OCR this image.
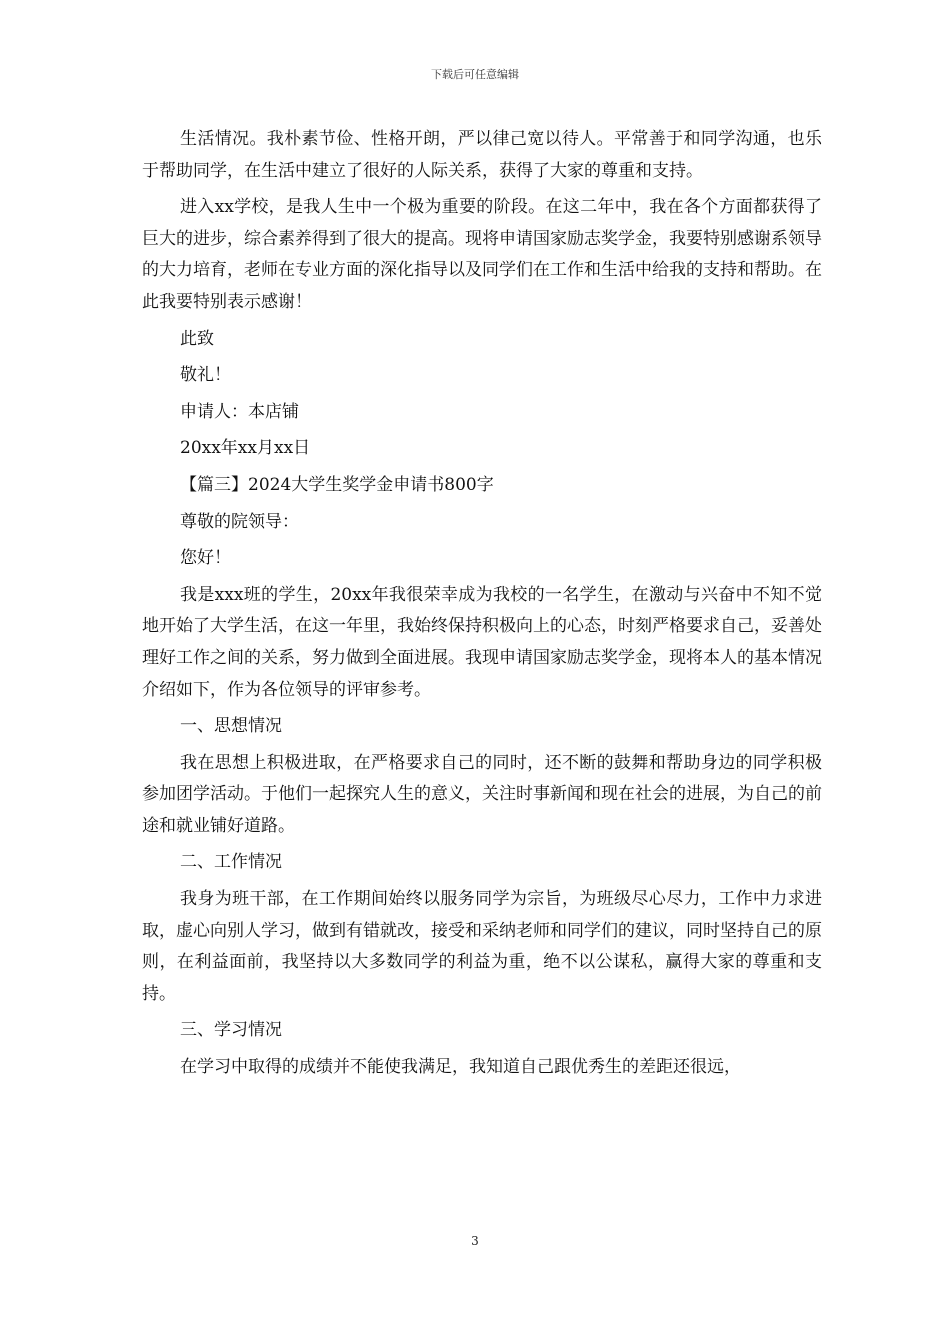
下载后可任意编辑

生活情况。我朴素节俭、性格开朗，严以律己宽以待人。平常善于和同学沟通，也乐于帮助同学，在生活中建立了很好的人际关系，获得了大家的尊重和支持。

进入xx学校，是我人生中一个极为重要的阶段。在这二年中，我在各个方面都获得了巨大的进步，综合素养得到了很大的提高。现将申请国家励志奖学金，我要特别感谢系领导的大力培育，老师在专业方面的深化指导以及同学们在工作和生活中给我的支持和帮助。在此我要特别表示感谢！

此致

敬礼！

申请人：本店铺

20xx年xx月xx日

【篇三】2024大学生奖学金申请书800字

尊敬的院领导：

您好！

我是xxx班的学生，20xx年我很荣幸成为我校的一名学生，在激动与兴奋中不知不觉地开始了大学生活，在这一年里，我始终保持积极向上的心态，时刻严格要求自己，妥善处理好工作之间的关系，努力做到全面进展。我现申请国家励志奖学金，现将本人的基本情况介绍如下，作为各位领导的评审参考。

一、思想情况

我在思想上积极进取，在严格要求自己的同时，还不断的鼓舞和帮助身边的同学积极参加团学活动。于他们一起探究人生的意义，关注时事新闻和现在社会的进展，为自己的前途和就业铺好道路。

二、工作情况

我身为班干部，在工作期间始终以服务同学为宗旨，为班级尽心尽力，工作中力求进取，虚心向别人学习，做到有错就改，接受和采纳老师和同学们的建议，同时坚持自己的原则，在利益面前，我坚持以大多数同学的利益为重，绝不以公谋私，赢得大家的尊重和支持。

三、学习情况

在学习中取得的成绩并不能使我满足，我知道自己跟优秀生的差距还很远，

3
